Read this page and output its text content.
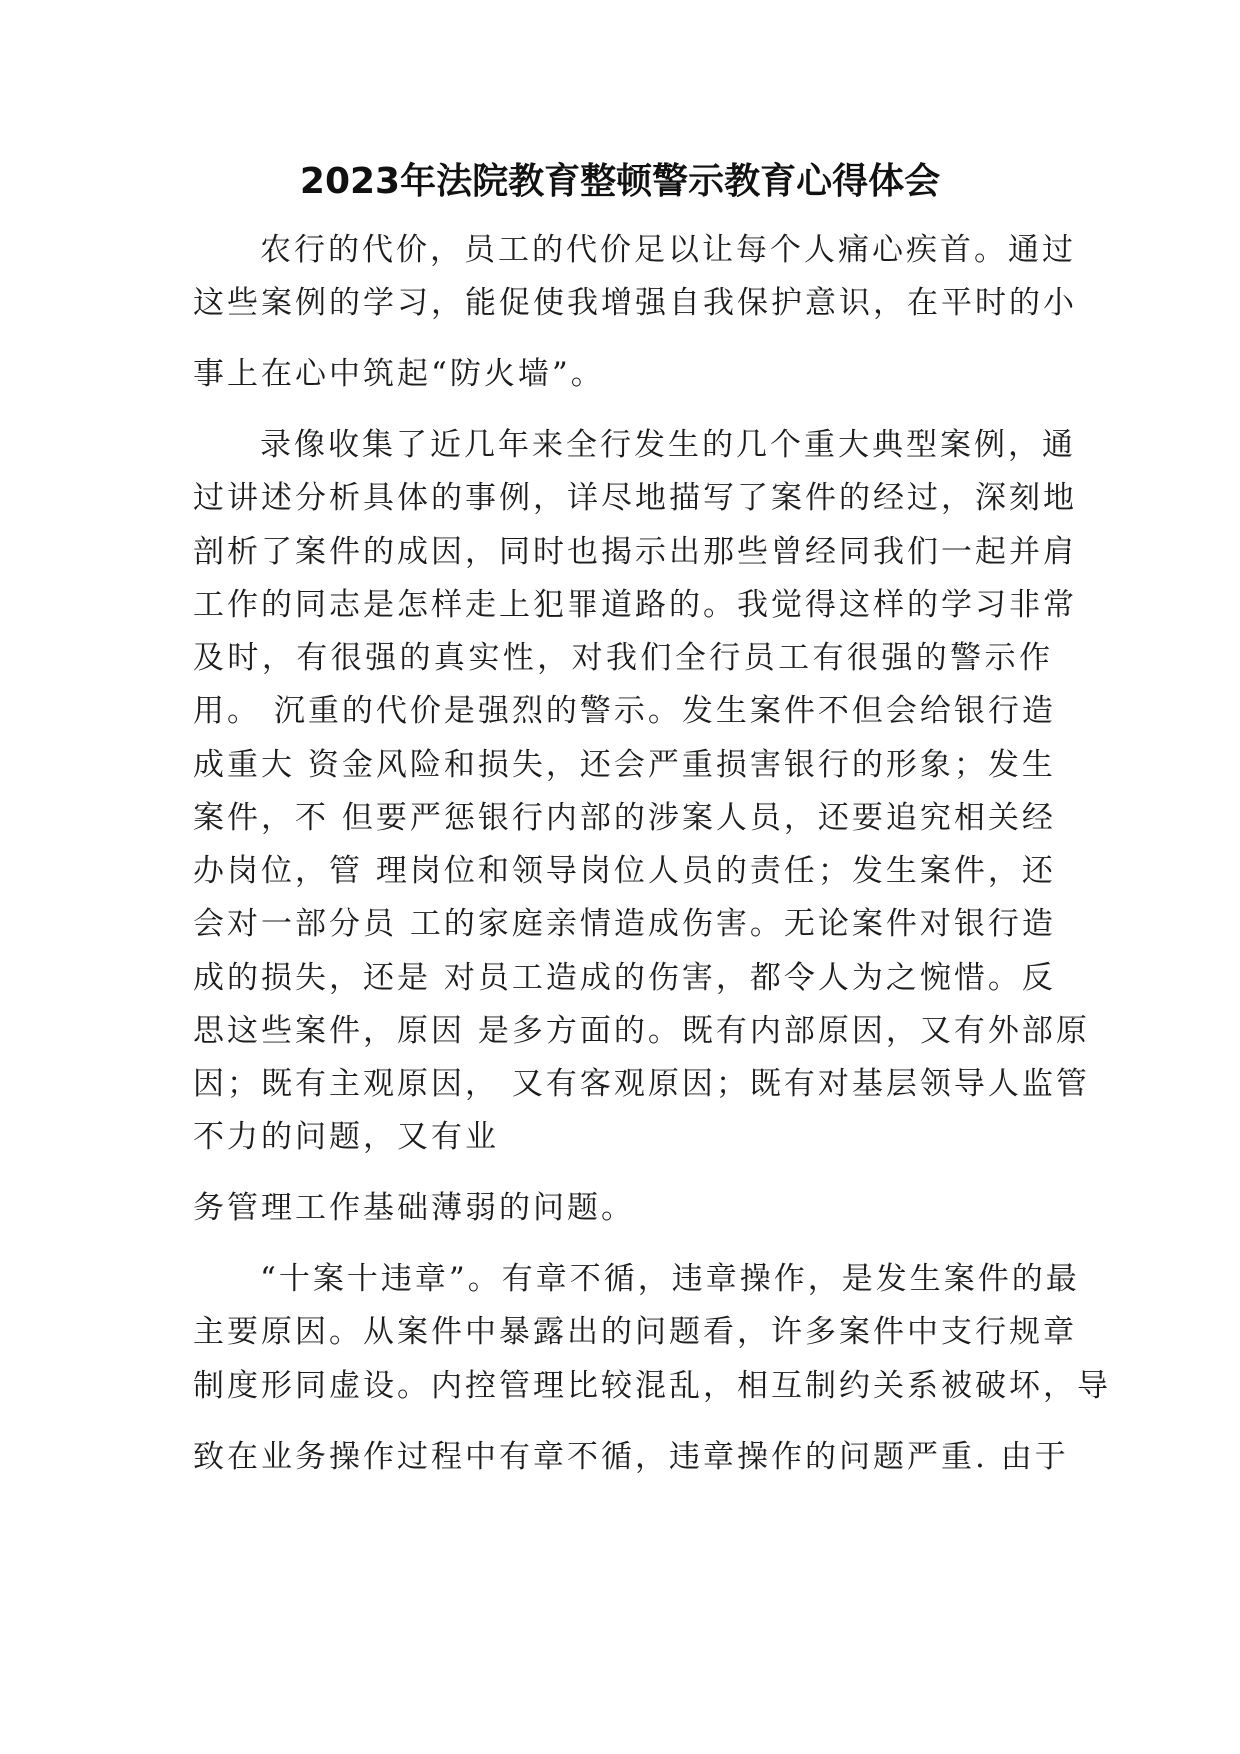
2023年法院教育整顿警示教育心得体会

农行的代价，员工的代价足以让每个人痛心疾首。通过

这些案例的学习，能促使我增强自我保护意识，在平时的小

事上在心中筑起“防火墙”。

录像收集了近几年来全行发生的几个重大典型案例，通

过讲述分析具体的事例，详尽地描写了案件的经过，深刻地

剖析了案件的成因，同时也揭示出那些曾经同我们一起并肩

工作的同志是怎样走上犯罪道路的。我觉得这样的学习非常

及时，有很强的真实性，对我们全行员工有很强的警示作

用。 沉重的代价是强烈的警示。发生案件不但会给银行造

成重大 资金风险和损失，还会严重损害银行的形象；发生

案件，不 但要严惩银行内部的涉案人员，还要追究相关经

办岗位，管 理岗位和领导岗位人员的责任；发生案件，还

会对一部分员 工的家庭亲情造成伤害。无论案件对银行造

成的损失，还是 对员工造成的伤害，都令人为之惋惜。反

思这些案件，原因 是多方面的。既有内部原因，又有外部原

因；既有主观原因， 又有客观原因；既有对基层领导人监管

不力的问题，又有业

务管理工作基础薄弱的问题。

“十案十违章”。有章不循，违章操作，是发生案件的最

主要原因。从案件中暴露出的问题看，许多案件中支行规章

制度形同虚设。内控管理比较混乱，相互制约关系被破坏，导

致在业务操作过程中有章不循，违章操作的问题严重. 由于
